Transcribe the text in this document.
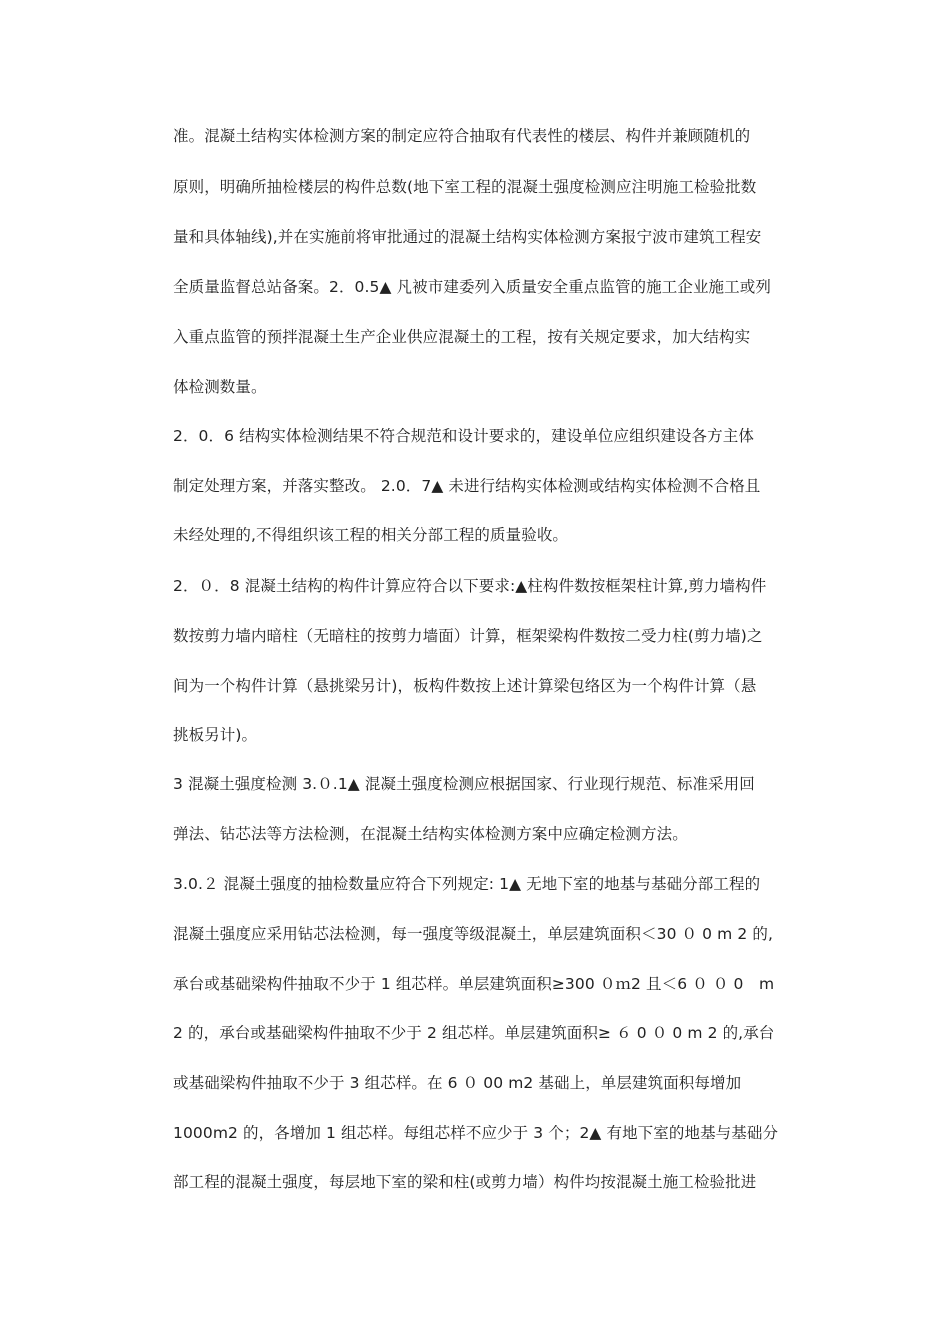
准。混凝土结构实体检测方案的制定应符合抽取有代表性的楼层、构件并兼顾随机的
原则，明确所抽检楼层的构件总数(地下室工程的混凝土强度检测应注明施工检验批数
量和具体轴线),并在实施前将审批通过的混凝土结构实体检测方案报宁波市建筑工程安
全质量监督总站备案。2．0.5▲ 凡被市建委列入质量安全重点监管的施工企业施工或列
入重点监管的预拌混凝土生产企业供应混凝土的工程，按有关规定要求，加大结构实
体检测数量。
2．0．6 结构实体检测结果不符合规范和设计要求的，建设单位应组织建设各方主体
制定处理方案，并落实整改。 2.0．7▲ 未进行结构实体检测或结构实体检测不合格且
未经处理的,不得组织该工程的相关分部工程的质量验收。
2．０．8 混凝土结构的构件计算应符合以下要求:▲柱构件数按框架柱计算,剪力墙构件
数按剪力墙内暗柱（无暗柱的按剪力墙面）计算，框架梁构件数按二受力柱(剪力墙)之
间为一个构件计算（悬挑梁另计)，板构件数按上述计算梁包络区为一个构件计算（悬
挑板另计)。
3 混凝土强度检测 3.０.1▲ 混凝土强度检测应根据国家、行业现行规范、标准采用回
弹法、钻芯法等方法检测，在混凝土结构实体检测方案中应确定检测方法。
3.0.２ 混凝土强度的抽检数量应符合下列规定: 1▲ 无地下室的地基与基础分部工程的
混凝土强度应采用钻芯法检测，每一强度等级混凝土，单层建筑面积＜30 ０ 0 m 2 的,
承台或基础梁构件抽取不少于 1 组芯样。单层建筑面积≥300 ０ｍ2 且＜6 ０ ０ 0　m
2 的，承台或基础梁构件抽取不少于 2 组芯样。单层建筑面积≥ ６ 0 ０ 0 m 2 的,承台
或基础梁构件抽取不少于 3 组芯样。在 6 ０ 00 m2 基础上，单层建筑面积每增加
1000m2 的，各增加 1 组芯样。每组芯样不应少于 3 个；2▲ 有地下室的地基与基础分
部工程的混凝土强度，每层地下室的梁和柱(或剪力墙）构件均按混凝土施工检验批进
